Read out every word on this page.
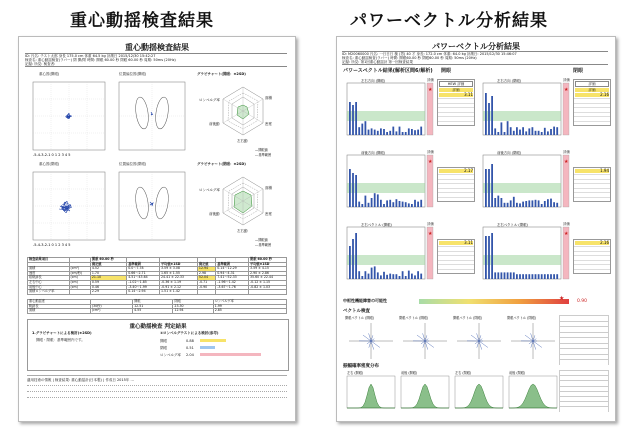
重心動揺検査結果	パワーベクトル分析結果
重心動揺検査結果
ID: 氏名: テスト太郎 身長 175.0 cm 体重 64.5 kg 計測日 2015/12/30 15:42:27
検査名: 重心動揺検査(ラバー) 閉 開/閉 時間: 開眼 60.00 秒 閉眼 60.00 秒 周期: 50ms (20Hz)
記録: 所見: 検査者:
重心図(開眼)	位置偏位図(開眼)	グラビチャート(開眼：±2SD)
-5-4-3-2-1 0 1 2 3 4 5
ロンベルグ率	面積
密度
左右動
前後動
—開眼値
---基準範囲
重心図(閉眼)	位置偏位図(閉眼)	グラビチャート(閉眼：±2SD)
-5-4-3-2-1 0 1 2 3 4 5
ロンベルグ率	面積
密度
左右動
前後動
—開眼値
---基準範囲
検査結果項目		開眼 60.00 秒					閉眼 60.00 秒
		測定値	基準範囲	平均値±1SD	測定値	基準範囲	平均値±1SD
面積	(cm²)	4.52	0.0～7.78	3.59 ± 3.08	12.94	0.14～12.29	3.59 ± 4.15
速度	(cm/秒)	1.70	0.66～2.71	1.65 ± 1.55	2.98	0.94～4.31	2.90 ± 2.86
総軌跡長	(cm)	21.10	4.51～43.64	24.41 ± 22.33	52.04	7.41～52.33	35.60 ± 22.44
左右中心	(cm)	0.59	-1.02～1.85	-0.36 ± 1.19	-0.71	-1.96～1.42	-0.12 ± 1.15
前後中心	(cm)	0.46	-3.40～1.99	-0.91 ± 2.12	-0.90	-3.67～1.76	-0.82 ± 1.03
面積ロンベルグ率		2.29	0.14～2.94	1.51 ± 1.42			
重心動揺度		開眼	閉眼	ロンベルグ率
軌跡長	(30秒)	12.51	23.30	1.99
面積	(cm²)	4.55	12.94	2.85
重心動揺検査 判定結果
1.グラビチャートによる検討(±2SD)	②ロンベルグテストによる検討(参考)
開眼・閉眼：基準範囲内です。	開眼	0.88
閉眼	0.51
ロンベルグ率	2.04
適用技術の情報 | 検査結果: 重心動揺計(日本製) | 作成日 2015年 ...
パワーベクトル分析結果
ID: M20060000 氏名: 一日日日 様 (男) 40 才 身長: 172.0 cm 体重: 64.0 kg 計測日: 2015/12/30 15:46:07
検査名: 重心動揺検査(ラバー) 時間: 開眼60.00 秒 閉眼60.00 秒 周期: 50ms (20Hz)
記録: 所見: 第1回重心動揺計 第一回検査結果
パワースペクトル結果(解析区間6/解析) 開眼	閉眼
左右方向 (開眼)	評価
★
HEW 評価
評価
3.11
左右方向 (閉眼)	評価
★
評価
評価
2.16
前後方向 (開眼)	評価
★
2.17
前後方向 (閉眼)	評価
★
1.94
左右ベクトル (開眼)	評価
★
3.11
左右ベクトル (閉眼)	評価
★
2.16
中枢性機能障害の可能性	★	0.90
ベクトル検査
開眼ベクトル (開眼)	閉眼ベクトル (開眼)	開眼ベクトル (閉眼)	閉眼ベクトル (閉眼)
振幅確率密度分布
左右 (開眼)	前後 (開眼)	左右 (閉眼)	前後 (閉眼)
